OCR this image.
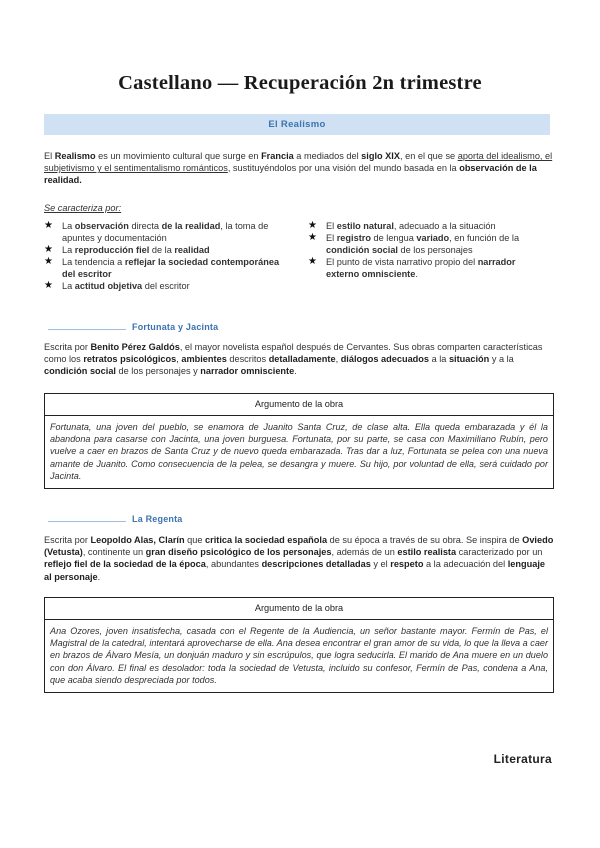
Castellano — Recuperación 2n trimestre
El Realismo
El Realismo es un movimiento cultural que surge en Francia a mediados del siglo XIX, en el que se aporta del idealismo, el subjetivismo y el sentimentalismo románticos, sustituyéndolos por una visión del mundo basada en la observación de la realidad.
Se caracteriza por:
★ La observación directa de la realidad, la toma de apuntes y documentación
★ La reproducción fiel de la realidad
★ La tendencia a reflejar la sociedad contemporánea del escritor
★ La actitud objetiva del escritor
★ El estilo natural, adecuado a la situación
★ El registro de lengua variado, en función de la condición social de los personajes
★ El punto de vista narrativo propio del narrador externo omnisciente.
Fortunata y Jacinta
Escrita por Benito Pérez Galdós, el mayor novelista español después de Cervantes. Sus obras comparten características como los retratos psicológicos, ambientes descritos detalladamente, diálogos adecuados a la situación y a la condición social de los personajes y narrador omnisciente.
Argumento de la obra
Fortunata, una joven del pueblo, se enamora de Juanito Santa Cruz, de clase alta. Ella queda embarazada y él la abandona para casarse con Jacinta, una joven burguesa. Fortunata, por su parte, se casa con Maximiliano Rubín, pero vuelve a caer en brazos de Santa Cruz y de nuevo queda embarazada. Tras dar a luz, Fortunata se pelea con una nueva amante de Juanito. Como consecuencia de la pelea, se desangra y muere. Su hijo, por voluntad de ella, será cuidado por Jacinta.
La Regenta
Escrita por Leopoldo Alas, Clarín que critica la sociedad española de su época a través de su obra. Se inspira de Oviedo (Vetusta), continente un gran diseño psicológico de los personajes, además de un estilo realista caracterizado por un reflejo fiel de la sociedad de la época, abundantes descripciones detalladas y el respeto a la adecuación del lenguaje al personaje.
Argumento de la obra
Ana Ozores, joven insatisfecha, casada con el Regente de la Audiencia, un señor bastante mayor. Fermín de Pas, el Magistral de la catedral, intentará aprovecharse de ella. Ana desea encontrar el gran amor de su vida, lo que la lleva a caer en brazos de Álvaro Mesía, un donjuán maduro y sin escrúpulos, que logra seducirla. El marido de Ana muere en un duelo con don Álvaro. El final es desolador: toda la sociedad de Vetusta, incluido su confesor, Fermín de Pas, condena a Ana, que acaba siendo despreciada por todos.
Literatura
